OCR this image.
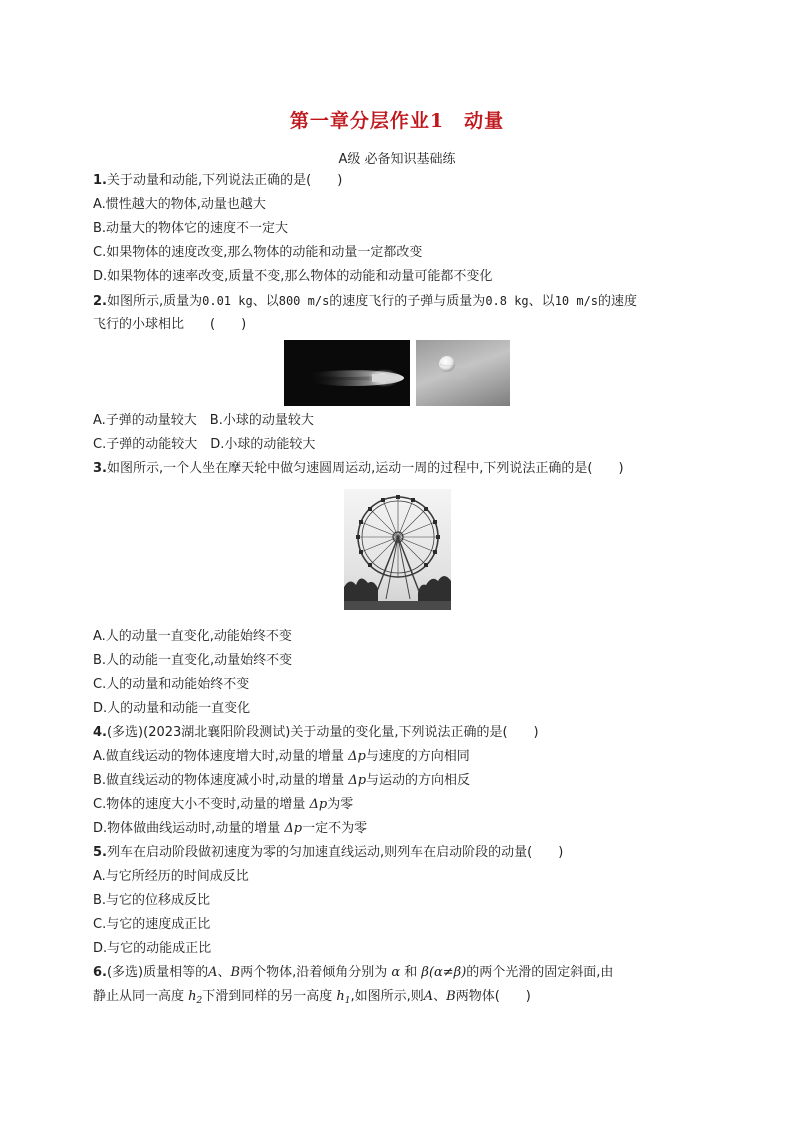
第一章分层作业1　动量
A级 必备知识基础练
1.关于动量和动能,下列说法正确的是(　　)
A.惯性越大的物体,动量也越大
B.动量大的物体它的速度不一定大
C.如果物体的速度改变,那么物体的动能和动量一定都改变
D.如果物体的速率改变,质量不变,那么物体的动能和动量可能都不变化
2.如图所示,质量为0.01 kg、以800 m/s的速度飞行的子弹与质量为0.8 kg、以10 m/s的速度
飞行的小球相比　　(　　)
A.子弹的动量较大　B.小球的动量较大
C.子弹的动能较大　D.小球的动能较大
3.如图所示,一个人坐在摩天轮中做匀速圆周运动,运动一周的过程中,下列说法正确的是(　　)
A.人的动量一直变化,动能始终不变
B.人的动能一直变化,动量始终不变
C.人的动量和动能始终不变
D.人的动量和动能一直变化
4.(多选)(2023湖北襄阳阶段测试)关于动量的变化量,下列说法正确的是(　　)
A.做直线运动的物体速度增大时,动量的增量 Δp与速度的方向相同
B.做直线运动的物体速度减小时,动量的增量 Δp与运动的方向相反
C.物体的速度大小不变时,动量的增量 Δp为零
D.物体做曲线运动时,动量的增量 Δp一定不为零
5.列车在启动阶段做初速度为零的匀加速直线运动,则列车在启动阶段的动量(　　)
A.与它所经历的时间成反比
B.与它的位移成反比
C.与它的速度成正比
D.与它的动能成正比
6.(多选)质量相等的A、B两个物体,沿着倾角分别为 α 和 β(α≠β)的两个光滑的固定斜面,由
静止从同一高度 $h_2$下滑到同样的另一高度 $h_1$,如图所示,则A、B两物体(　　)
